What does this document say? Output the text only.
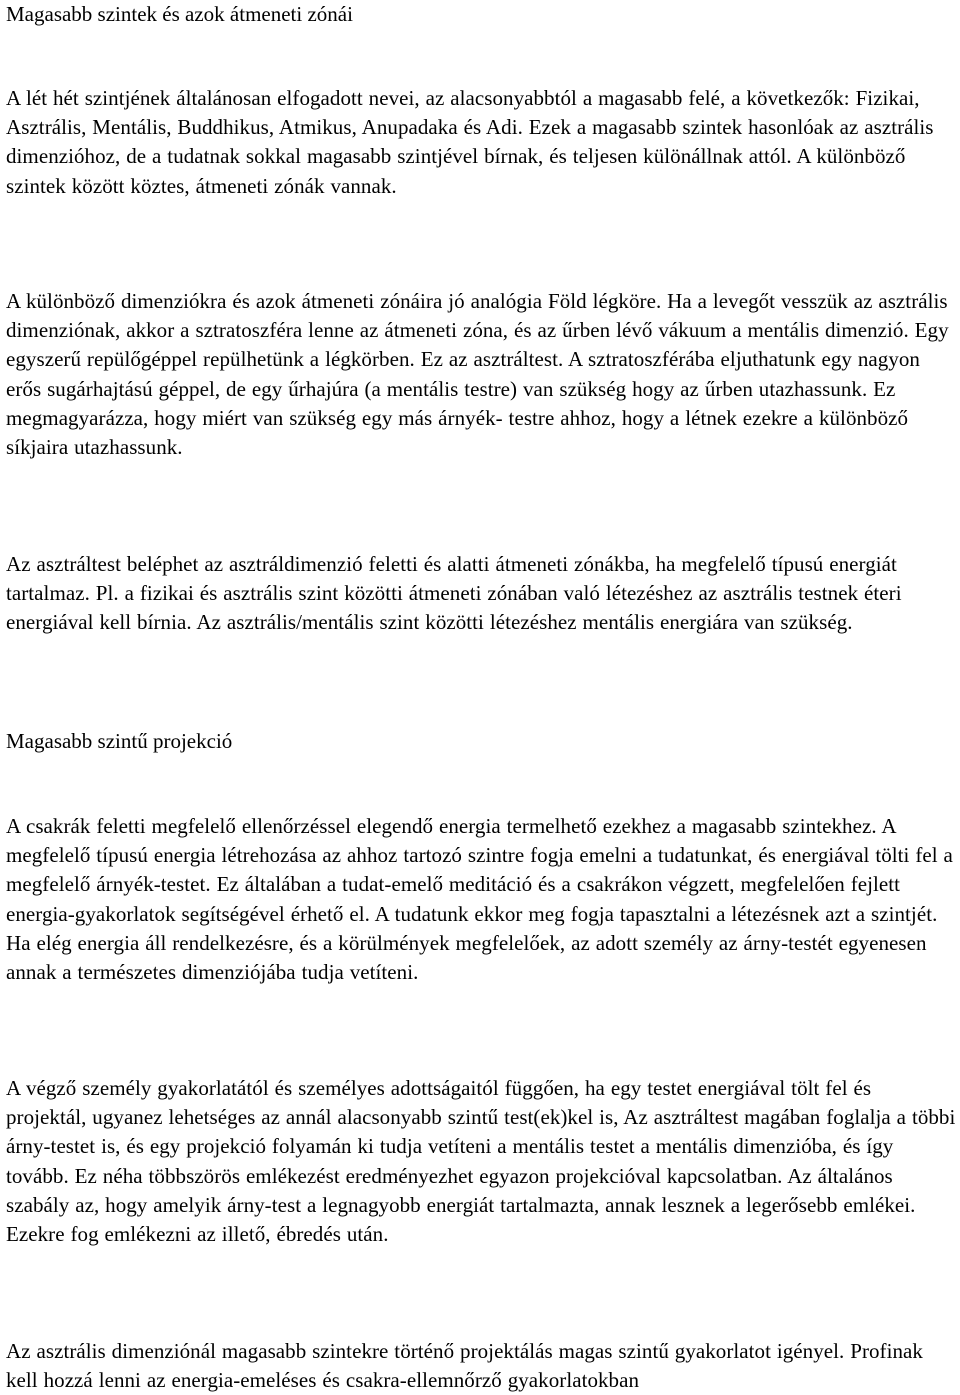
Magasabb szintek és azok átmeneti zónái

A lét hét szintjének általánosan elfogadott nevei, az alacsonyabbtól a magasabb felé, a következők: Fizikai, Asztrális, Mentális, Buddhikus, Atmikus, Anupadaka és Adi. Ezek a magasabb szintek hasonlóak az asztrális dimenzióhoz, de a tudatnak sokkal magasabb szintjével bírnak, és teljesen különállnak attól. A különböző szintek között köztes, átmeneti zónák vannak.

A különböző dimenziókra és azok átmeneti zónáira jó analógia Föld légköre. Ha a levegőt vesszük az asztrális dimenziónak, akkor a sztratoszféra lenne az átmeneti zóna, és az űrben lévő vákuum a mentális dimenzió. Egy egyszerű repülőgéppel repülhetünk a légkörben. Ez az asztráltest. A sztratoszférába eljuthatunk egy nagyon erős sugárhajtású géppel, de egy űrhajúra (a mentális testre) van szükség hogy az űrben utazhassunk. Ez megmagyarázza, hogy miért van szükség egy más árnyék- testre ahhoz, hogy a létnek ezekre a különböző síkjaira utazhassunk.

Az asztráltest beléphet az asztráldimenzió feletti és alatti átmeneti zónákba, ha megfelelő típusú energiát tartalmaz. Pl. a fizikai és asztrális szint közötti átmeneti zónában való létezéshez az asztrális testnek éteri energiával kell bírnia. Az asztrális/mentális szint közötti létezéshez mentális energiára van szükség.

Magasabb szintű projekció

A csakrák feletti megfelelő ellenőrzéssel elegendő energia termelhető ezekhez a magasabb szintekhez. A megfelelő típusú energia létrehozása az ahhoz tartozó szintre fogja emelni a tudatunkat, és energiával tölti fel a megfelelő árnyék-testet. Ez általában a tudat-emelő meditáció és a csakrákon végzett, megfelelően fejlett energia-gyakorlatok segítségével érhető el. A tudatunk ekkor meg fogja tapasztalni a létezésnek azt a szintjét. Ha elég energia áll rendelkezésre, és a körülmények megfelelőek, az adott személy az árny-testét egyenesen annak a természetes dimenziójába tudja vetíteni.

A végző személy gyakorlatától és személyes adottságaitól függően, ha egy testet energiával tölt fel és projektál, ugyanez lehetséges az annál alacsonyabb szintű test(ek)kel is, Az asztráltest magában foglalja a többi árny-testet is, és egy projekció folyamán ki tudja vetíteni a mentális testet a mentális dimenzióba, és így tovább. Ez néha többszörös emlékezést eredményezhet egyazon projekcióval kapcsolatban. Az általános szabály az, hogy amelyik árny-test a legnagyobb energiát tartalmazta, annak lesznek a legerősebb emlékei. Ezekre fog emlékezni az illető, ébredés után.

Az asztrális dimenziónál magasabb szintekre történő projektálás magas szintű gyakorlatot igényel. Profinak kell hozzá lenni az energia-emeléses és csakra-ellemnőrző gyakorlatokban
